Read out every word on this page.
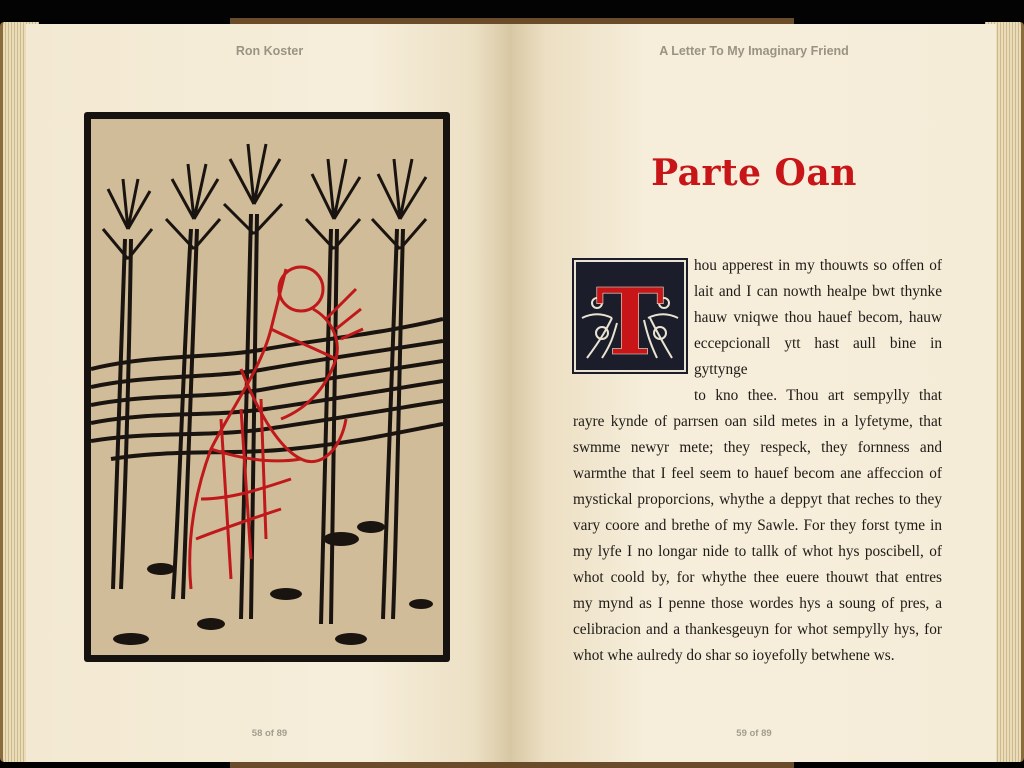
Ron Koster
58 of 89
A Letter To My Imaginary Friend
Parte Oan
T
hou apperest in my thouwts so offen of
lait and I can nowth healpe bwt thynke
hauw vniqwe thou hauef becom, hauw
eccepcionall ytt hast aull bine in gyttynge
to kno thee. Thou art sempylly that
rayre kynde of parrsen oan sild metes in a lyfetyme, that
swmme newyr mete; they respeck, they fornness and
warmthe that I feel seem to hauef becom ane affeccion of
mystickal proporcions, whythe a deppyt that reches to they
vary coore and brethe of my Sawle. For they forst tyme in
my lyfe I no longar nide to tallk of whot hys poscibell, of
whot coold by, for whythe thee euere thouwt that entres
my mynd as I penne those wordes hys a soung of pres, a
celibracion and a thankesgeuyn for whot sempylly hys, for
whot whe aulredy do shar so ioyefolly betwhene ws.
59 of 89
